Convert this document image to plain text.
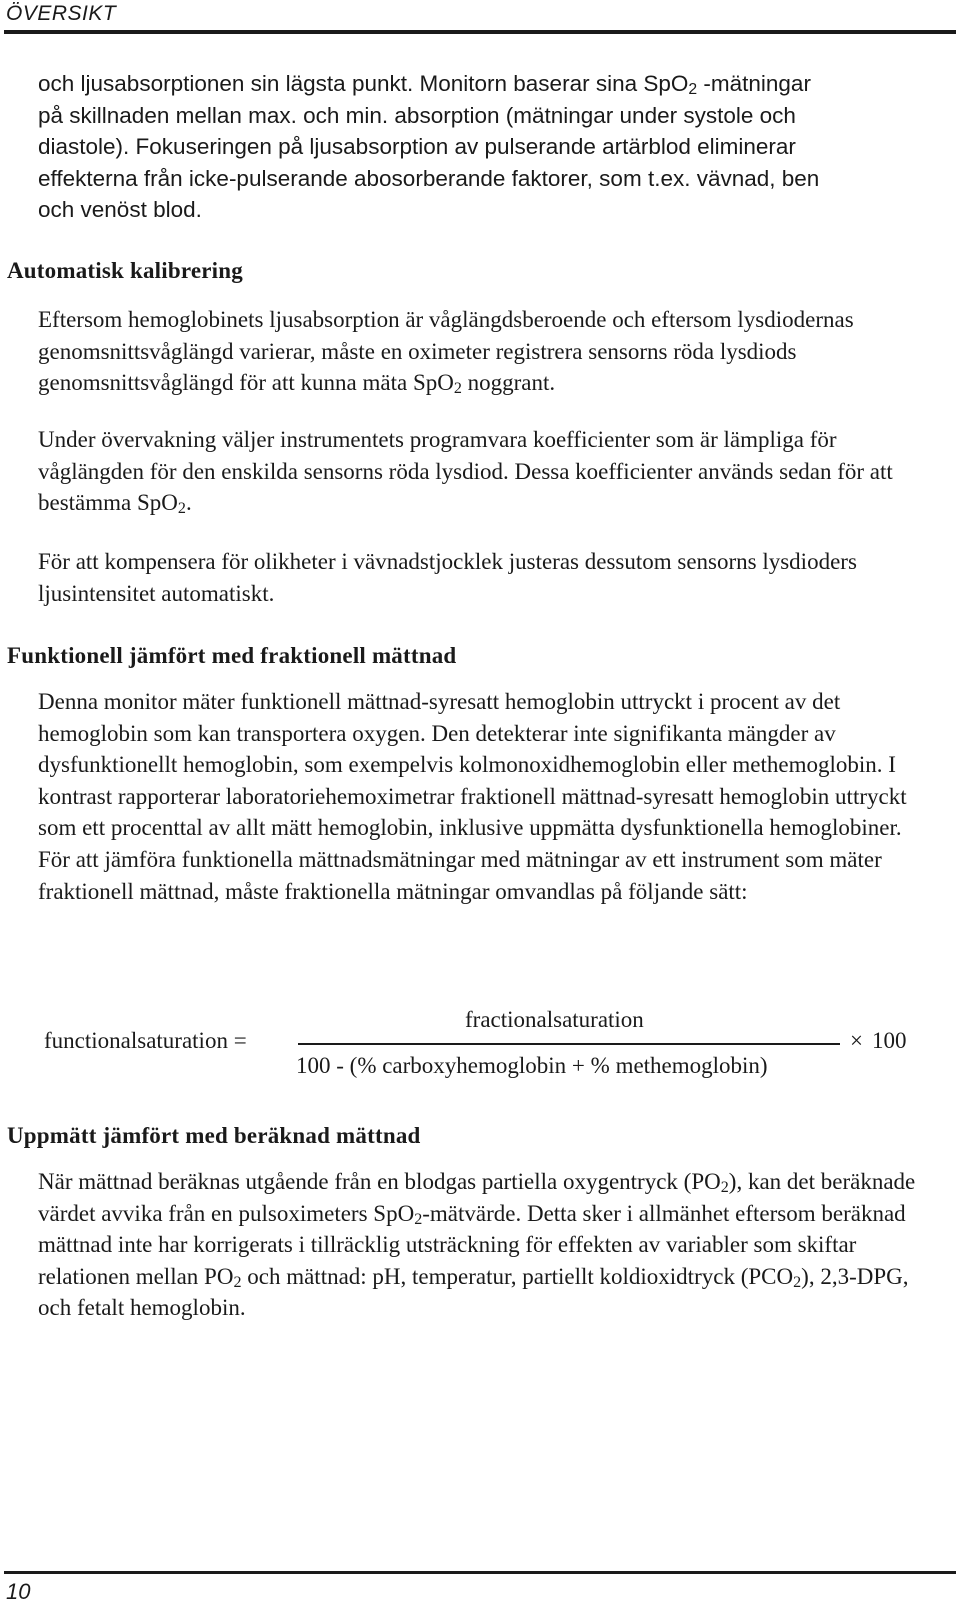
ÖVERSIKT
och ljusabsorptionen sin lägsta punkt. Monitorn baserar sina SpO$_2$ -mätningar
på skillnaden mellan max. och min. absorption (mätningar under systole och
diastole). Fokuseringen på ljusabsorption av pulserande artärblod eliminerar
effekterna från icke-pulserande abosorberande faktorer, som t.ex. vävnad, ben
och venöst blod.
Automatisk kalibrering

Eftersom hemoglobinets ljusabsorption är våglängdsberoende och eftersom lysdiodernas genomsnittsvåglängd varierar, måste en oximeter registrera sensorns röda lysdiods genomsnittsvåglängd för att kunna mäta SpO$_2$ noggrant.

Under övervakning väljer instrumentets programvara koefficienter som är lämpliga för våglängden för den enskilda sensorns röda lysdiod. Dessa koefficienter används sedan för att bestämma SpO$_2$.

För att kompensera för olikheter i vävnadstjocklek justeras dessutom sensorns lysdioders ljusintensitet automatiskt.

Funktionell jämfört med fraktionell mättnad

Denna monitor mäter funktionell mättnad-syresatt hemoglobin uttryckt i procent av det hemoglobin som kan transportera oxygen. Den detekterar inte signifikanta mängder av dysfunktionellt hemoglobin, som exempelvis kolmonoxidhemoglobin eller methemoglobin. I kontrast rapporterar laboratoriehemoximetrar fraktionell mättnad-syresatt hemoglobin uttryckt som ett procenttal av allt mätt hemoglobin, inklusive uppmätta dysfunktionella hemoglobiner. För att jämföra funktionella mättnadsmätningar med mätningar av ett instrument som mäter fraktionell mättnad, måste fraktionella mätningar omvandlas på följande sätt:

functionalsaturation =
fractionalsaturation
100 - (% carboxyhemoglobin + % methemoglobin)
× 100
Uppmätt jämfört med beräknad mättnad

När mättnad beräknas utgående från en blodgas partiella oxygentryck $(PO_2)$, kan det beräknade värdet avvika från en pulsoximeters SpO$_2$-mätvärde. Detta sker i allmänhet eftersom beräknad mättnad inte har korrigerats i tillräcklig utsträckning för effekten av variabler som skiftar relationen mellan $PO_2$ och mättnad: pH, temperatur, partiellt koldioxidtryck $(PCO_2)$, 2,3-DPG, och fetalt hemoglobin.

10
